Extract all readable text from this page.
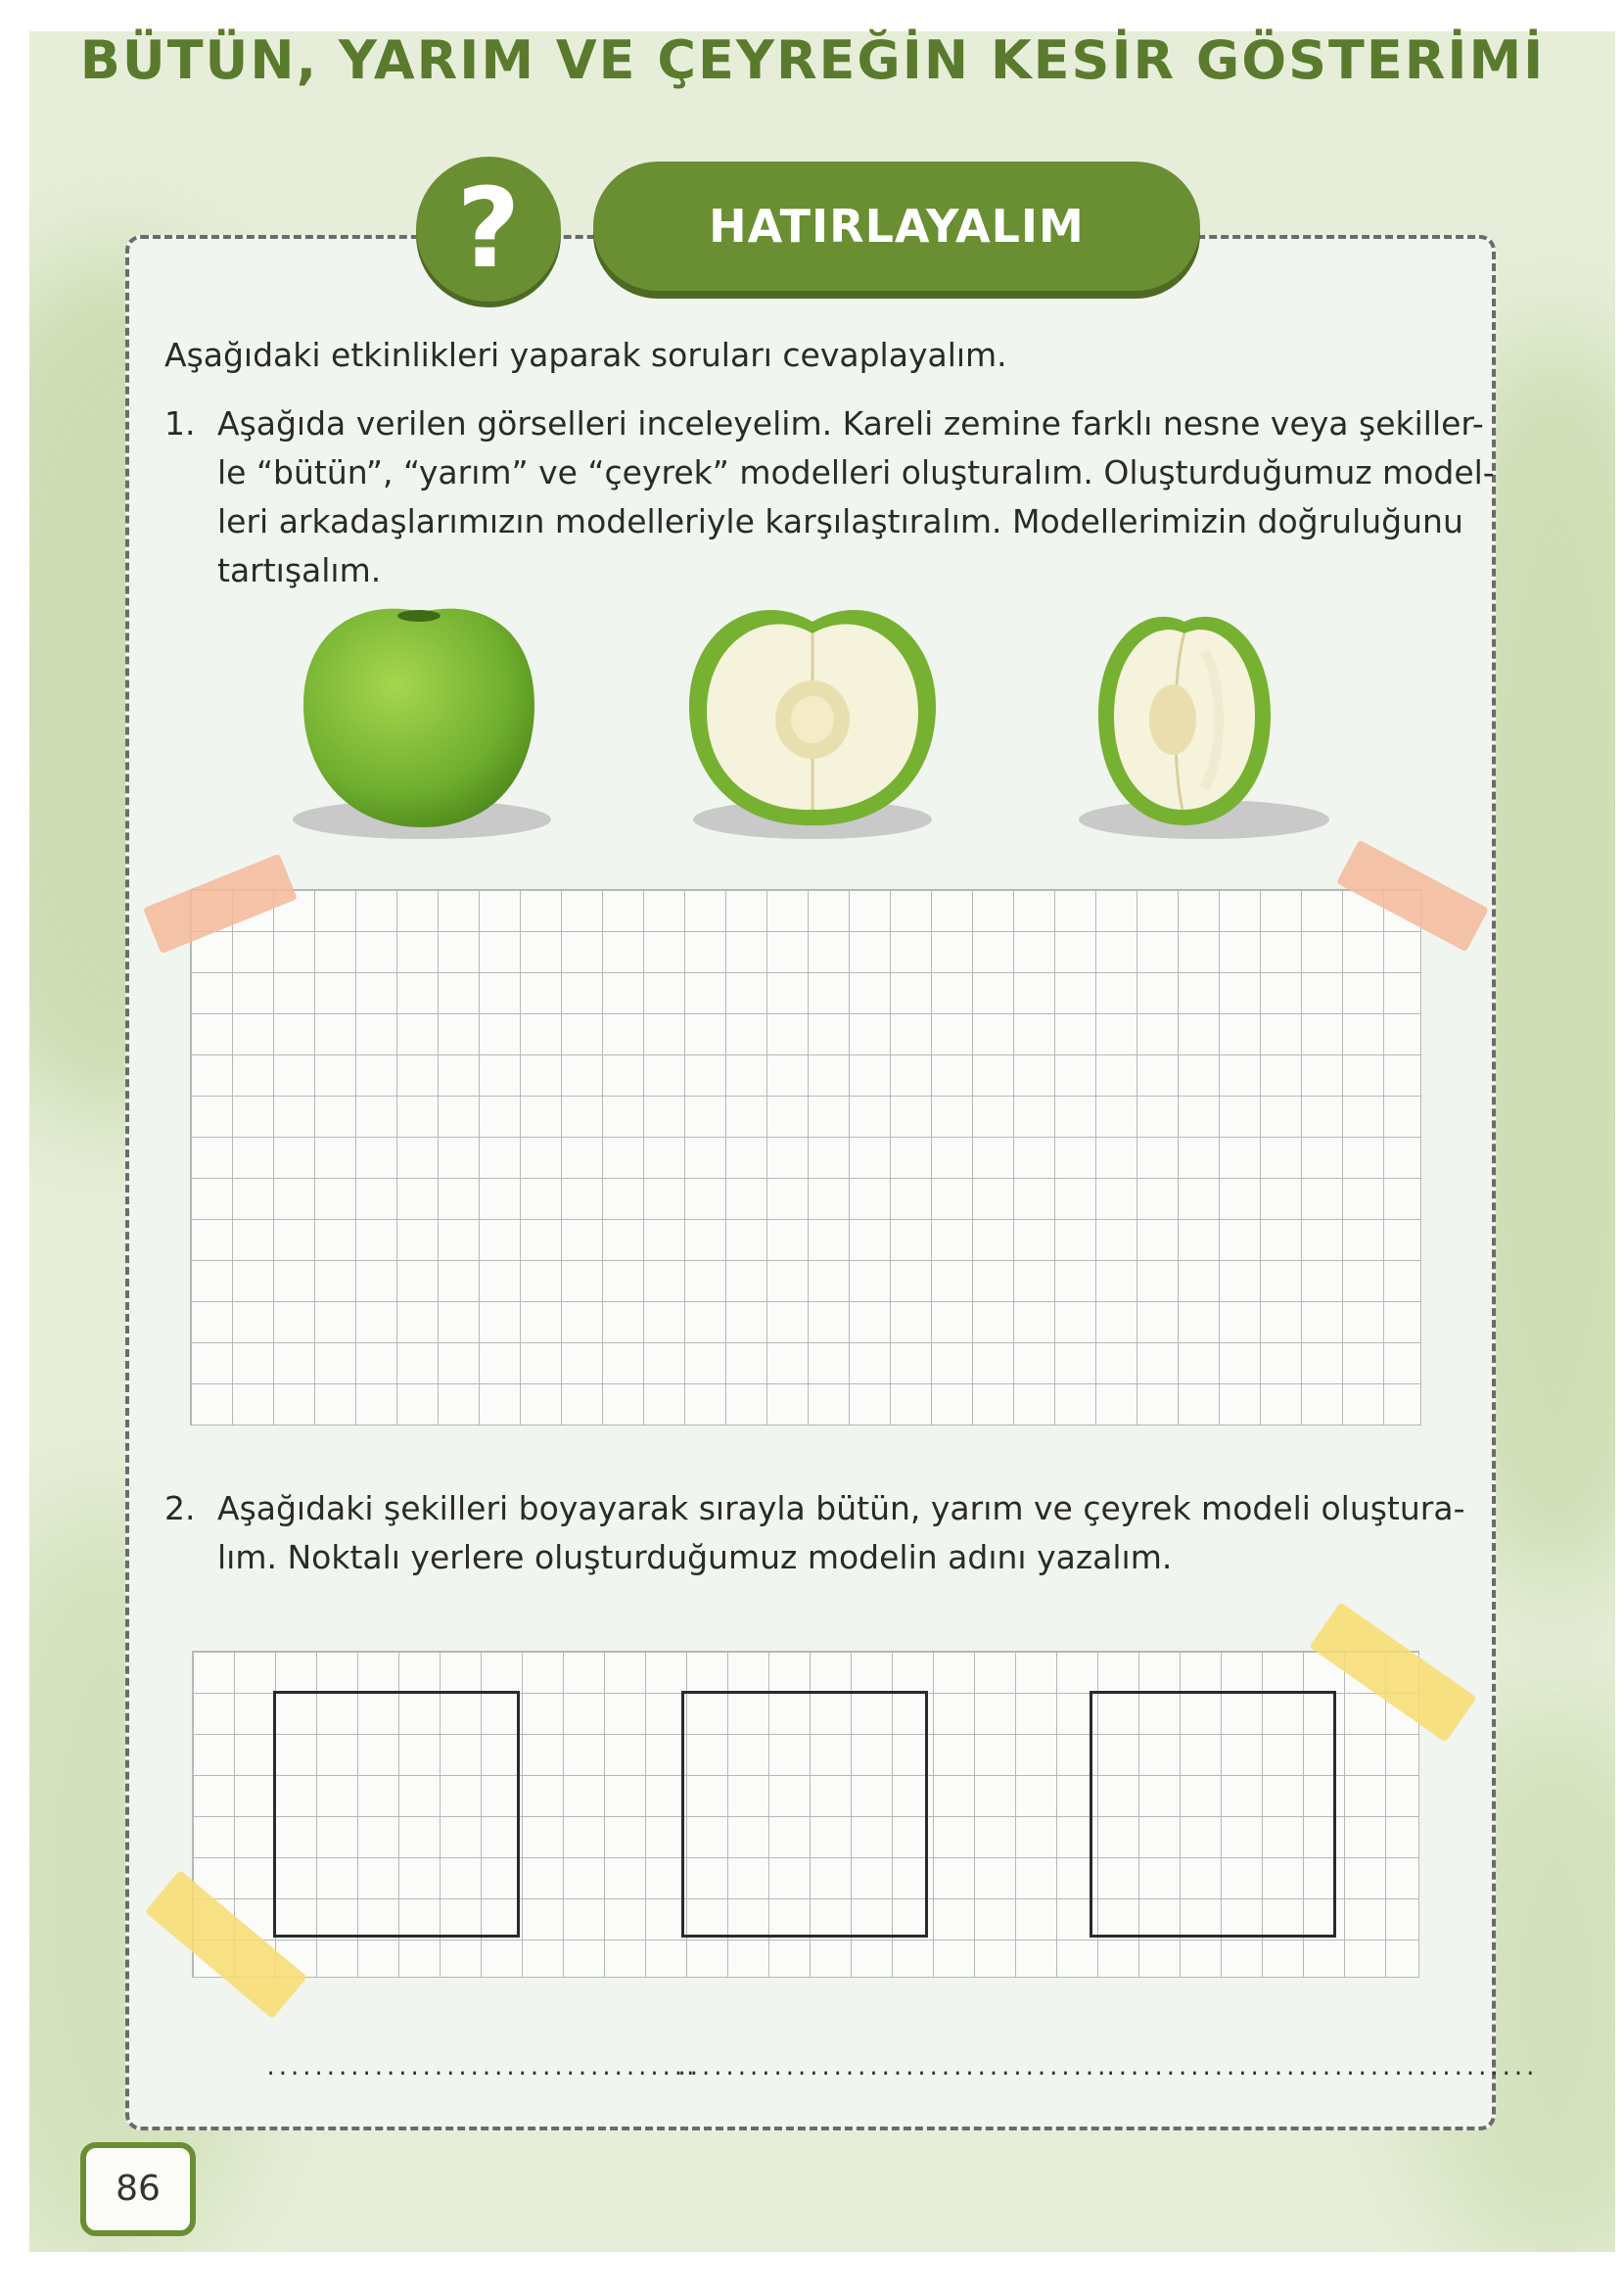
BÜTÜN, YARIM VE ÇEYREĞİN KESİR GÖSTERİMİ
?	HATIRLAYALIM
Aşağıdaki etkinlikleri yaparak soruları cevaplayalım.
1. Aşağıda verilen görselleri inceleyelim. Kareli zemine farklı nesne veya şekiller-
le “bütün”, “yarım” ve “çeyrek” modelleri oluşturalım. Oluşturduğumuz model-
leri arkadaşlarımızın modelleriyle karşılaştıralım. Modellerimizin doğruluğunu
tartışalım.
2. Aşağıdaki şekilleri boyayarak sırayla bütün, yarım ve çeyrek modeli oluştura-
lım. Noktalı yerlere oluşturduğumuz modelin adını yazalım.
....................................
....................................
....................................
86
